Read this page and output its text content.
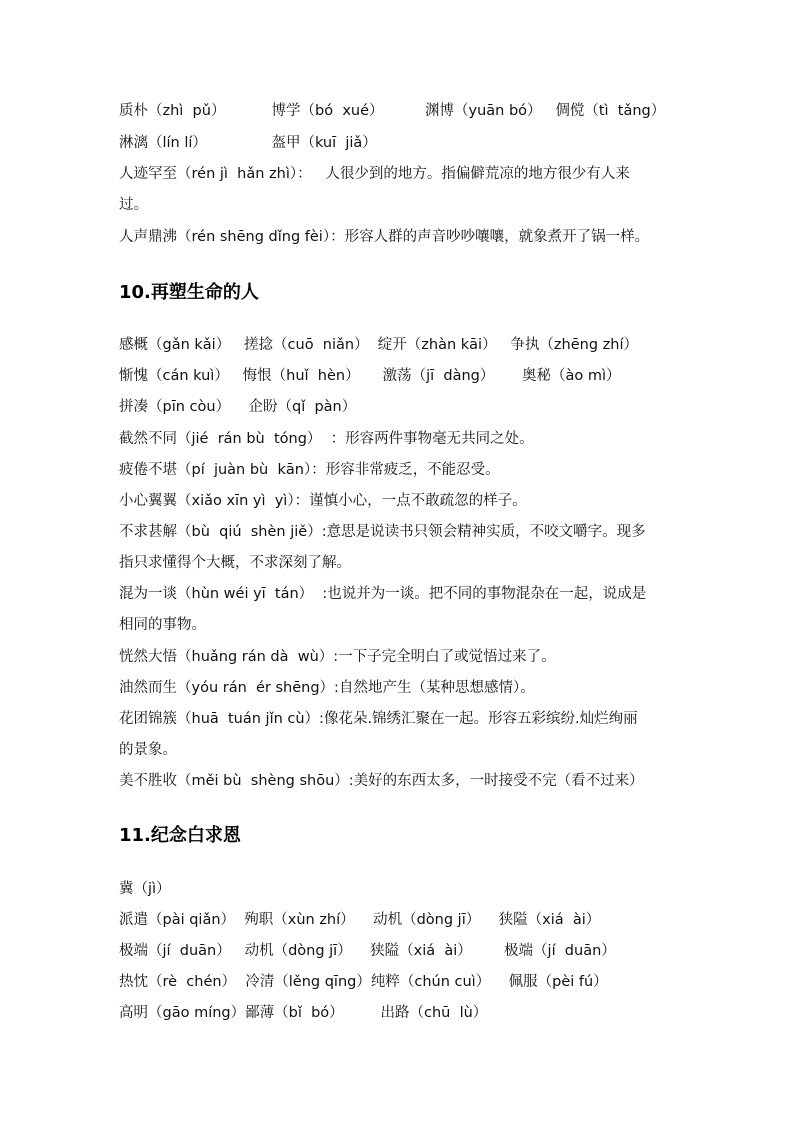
质朴（zhì  pǔ）          博学（bó  xué）         渊博（yuān bó）   倜傥（tì  tǎng）
淋漓（lín lí）              盔甲（kuī  jiǎ）
人迹罕至（rén jì  hǎn zhì）：   人很少到的地方。指偏僻荒凉的地方很少有人来
过。
人声鼎沸（rén shēng dǐng fèi）：形容人群的声音吵吵嚷嚷，就象煮开了锅一样。
10.再塑生命的人
感概（gǎn kǎi）   搓捻（cuō  niǎn）  绽开（zhàn kāi）   争执（zhēng zhí）
惭愧（cán kuì）   悔恨（huǐ  hèn）     激荡（jī  dàng）      奥秘（ào mì）
拼凑（pīn còu）    企盼（qǐ  pàn）
截然不同（jié  rán bù  tóng）  ：形容两件事物毫无共同之处。
疲倦不堪（pí  juàn bù  kān）：形容非常疲乏，不能忍受。
小心翼翼（xiǎo xīn yì  yì）：谨慎小心，一点不敢疏忽的样子。
不求甚解（bù  qiú  shèn jiě）:意思是说读书只领会精神实质，不咬文嚼字。现多
指只求懂得个大概，不求深刻了解。
混为一谈（hùn wéi yī  tán）  :也说并为一谈。把不同的事物混杂在一起，说成是
相同的事物。
恍然大悟（huǎng rán dà  wù）:一下子完全明白了或觉悟过来了。
油然而生（yóu rán  ér shēng）:自然地产生（某种思想感情）。
花团锦簇（huā  tuán jǐn cù）:像花朵.锦绣汇聚在一起。形容五彩缤纷.灿烂绚丽
的景象。
美不胜收（měi bù  shèng shōu）:美好的东西太多，一时接受不完（看不过来）
11.纪念白求恩
冀（jì）
派遣（pài qiǎn）  殉职（xùn zhí）    动机（dòng jī）    狭隘（xiá  ài）
极端（jí  duān）   动机（dòng jī）    狭隘（xiá  ài）       极端（jí  duān）
热忱（rè  chén）  冷清（lěng qīng）纯粹（chún cuì）    佩服（pèi fú）
高明（gāo míng）鄙薄（bǐ  bó）        出路（chū  lù）
